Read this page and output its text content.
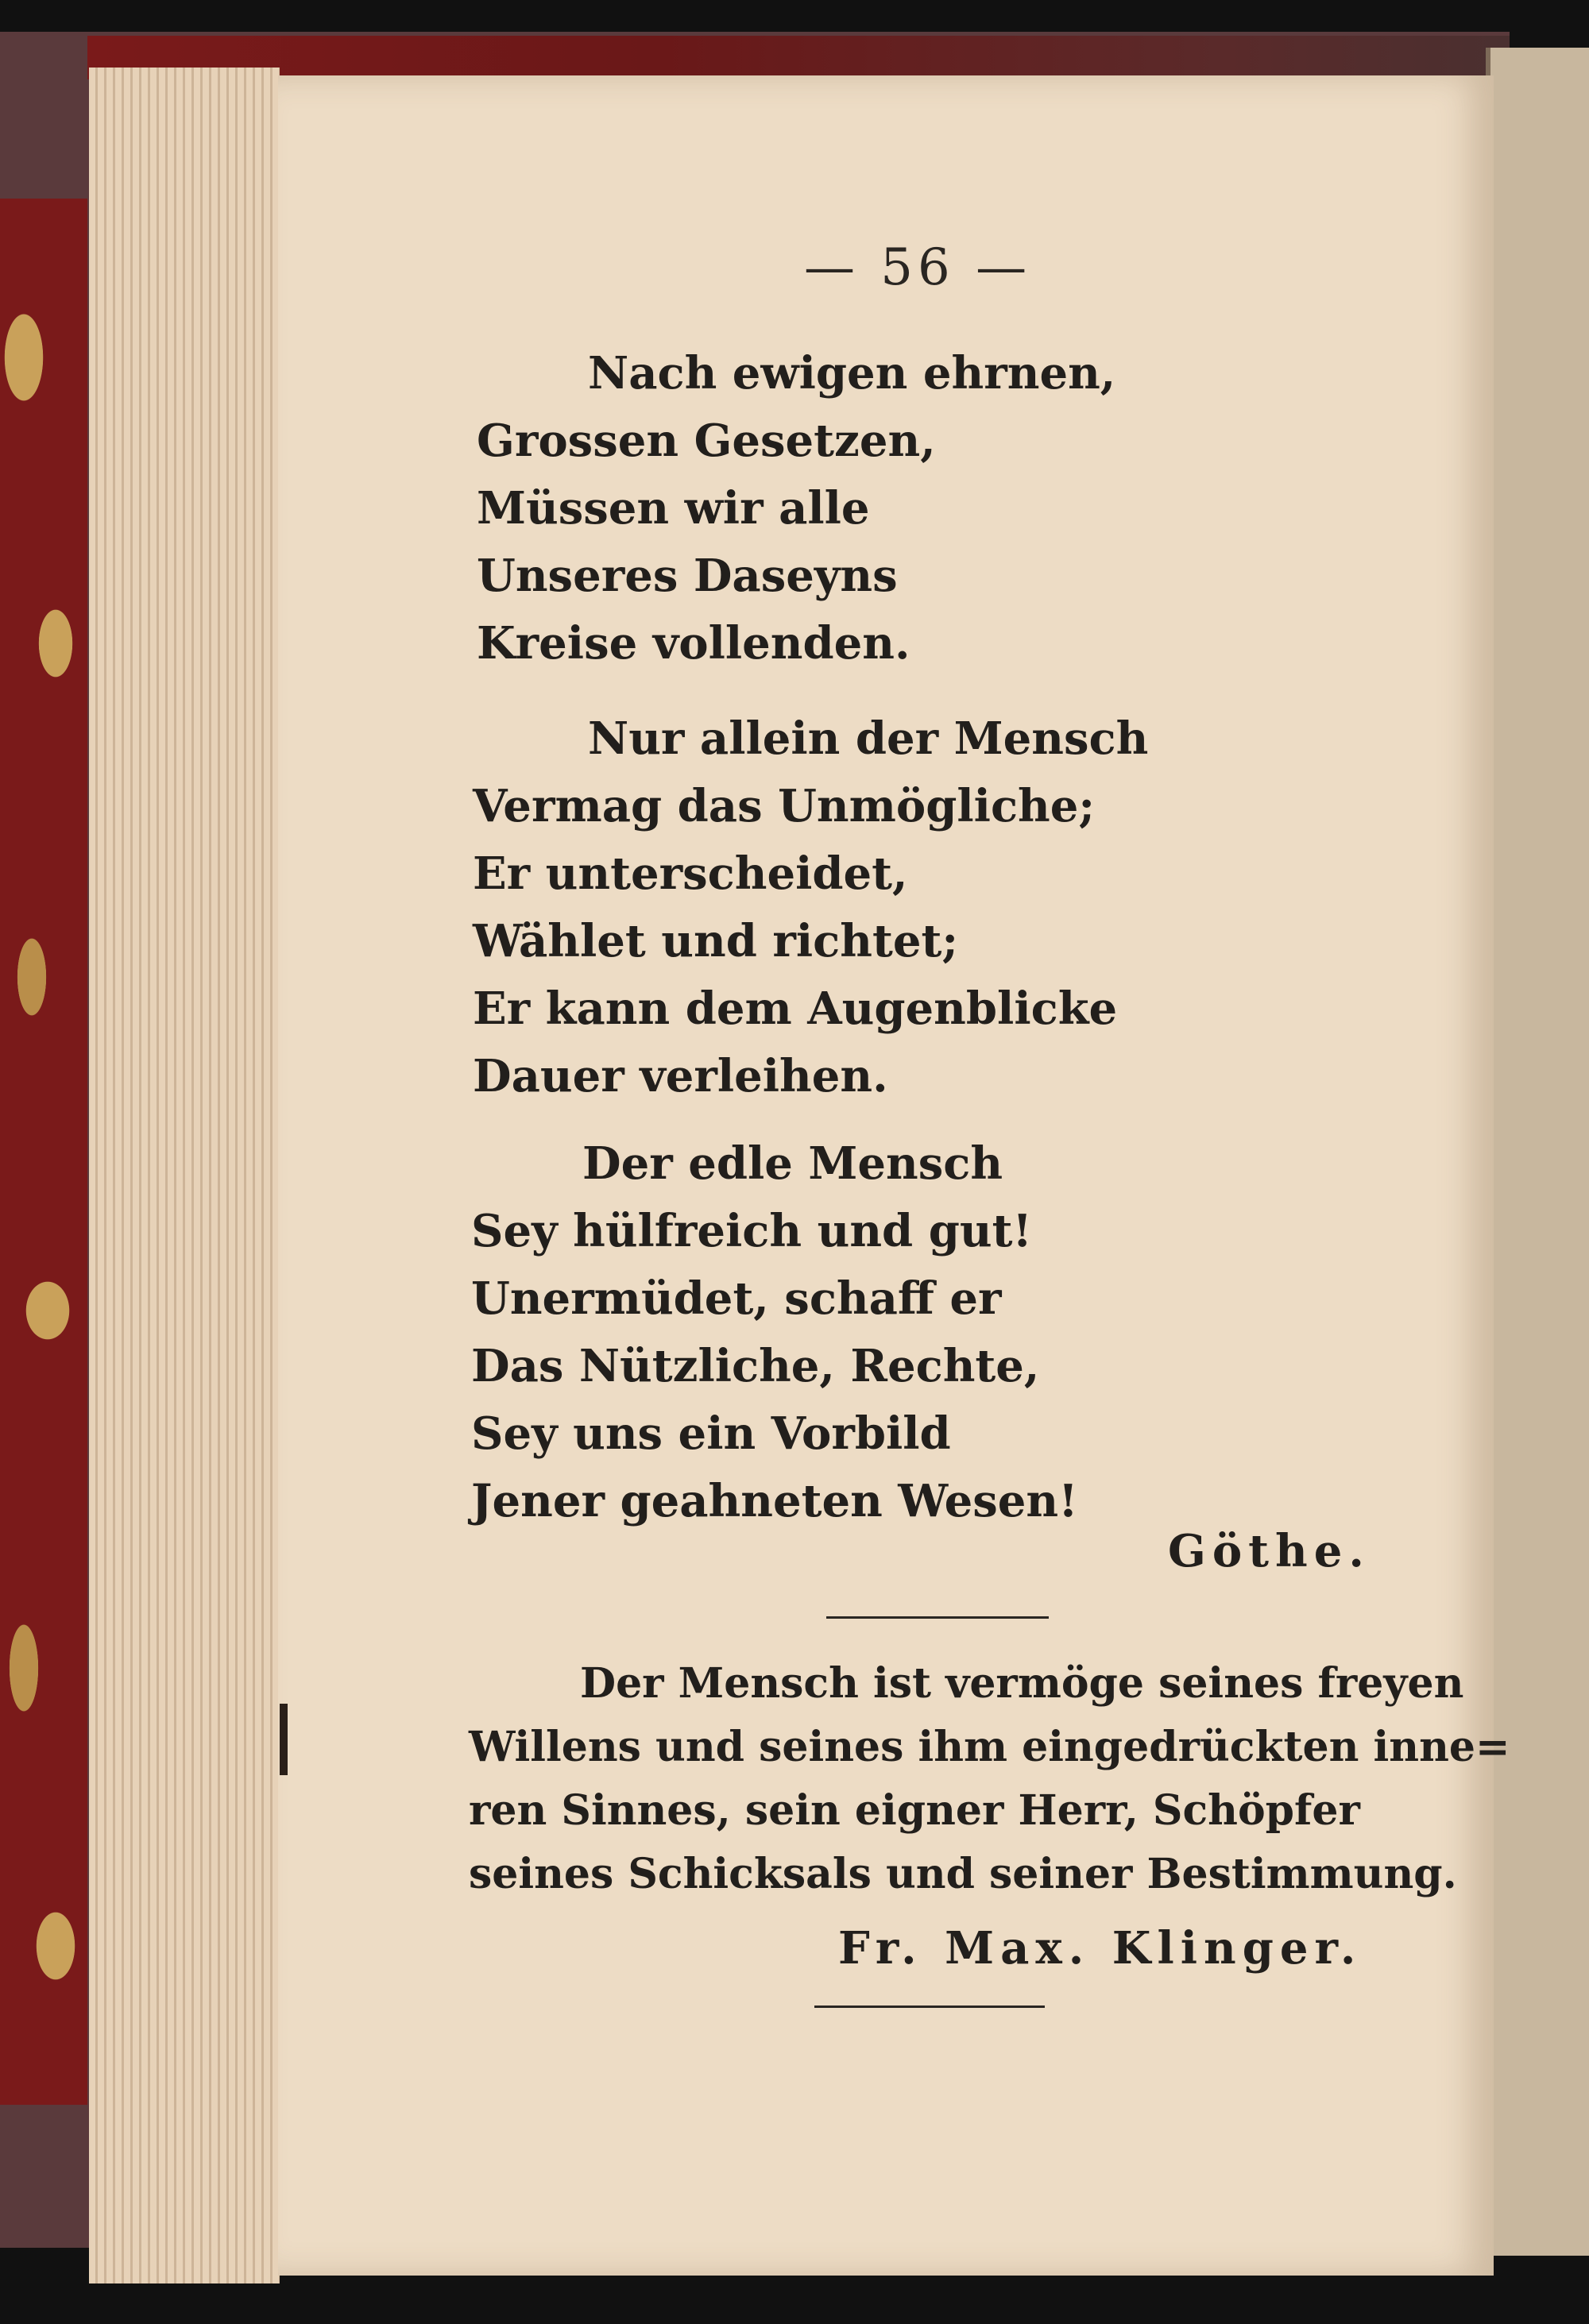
— 56 —
Nach ewigen ehrnen,
Grossen Gesetzen,
Müssen wir alle
Unseres Daseyns
Kreise vollenden.
Nur allein der Mensch
Vermag das Unmögliche;
Er unterscheidet,
Wählet und richtet;
Er kann dem Augenblicke
Dauer verleihen.
Der edle Mensch
Sey hülfreich und gut!
Unermüdet, schaff er
Das Nützliche, Rechte,
Sey uns ein Vorbild
Jener geahneten Wesen!
Göthe.
Der Mensch ist vermöge seines freyen
Willens und seines ihm eingedrückten inne=
ren Sinnes, sein eigner Herr, Schöpfer
seines Schicksals und seiner Bestimmung.
Fr. Max. Klinger.
